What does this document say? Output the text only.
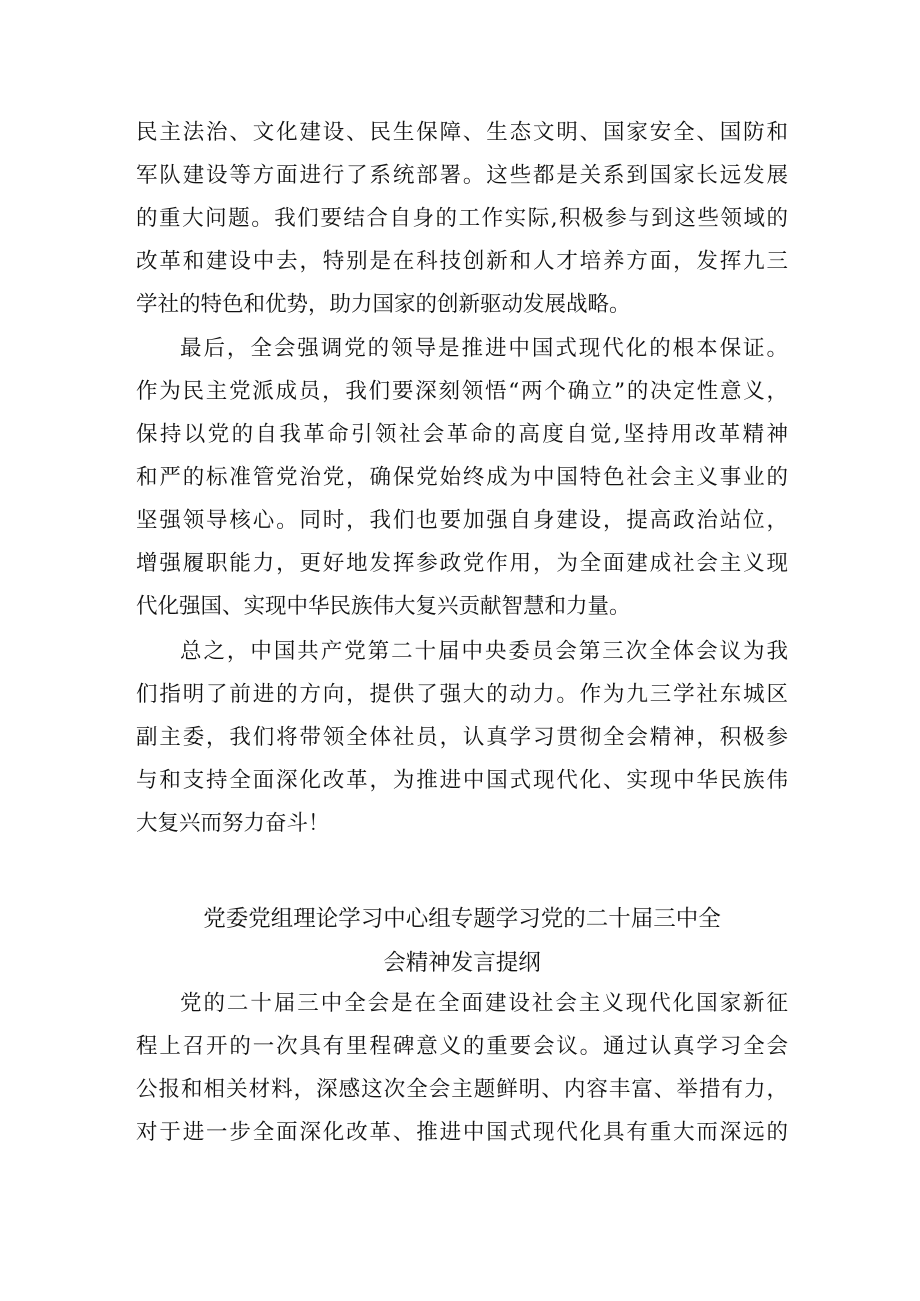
民主法治、文化建设、民生保障、生态文明、国家安全、国防和
军队建设等方面进行了系统部署。这些都是关系到国家长远发展
的重大问题。我们要结合自身的工作实际,积极参与到这些领域的
改革和建设中去，特别是在科技创新和人才培养方面，发挥九三
学社的特色和优势，助力国家的创新驱动发展战略。
最后，全会强调党的领导是推进中国式现代化的根本保证。
作为民主党派成员，我们要深刻领悟“两个确立”的决定性意义，
保持以党的自我革命引领社会革命的高度自觉,坚持用改革精神
和严的标准管党治党，确保党始终成为中国特色社会主义事业的
坚强领导核心。同时，我们也要加强自身建设，提高政治站位，
增强履职能力，更好地发挥参政党作用，为全面建成社会主义现
代化强国、实现中华民族伟大复兴贡献智慧和力量。
总之，中国共产党第二十届中央委员会第三次全体会议为我
们指明了前进的方向，提供了强大的动力。作为九三学社东城区
副主委，我们将带领全体社员，认真学习贯彻全会精神，积极参
与和支持全面深化改革，为推进中国式现代化、实现中华民族伟
大复兴而努力奋斗！
党委党组理论学习中心组专题学习党的二十届三中全
会精神发言提纲
党的二十届三中全会是在全面建设社会主义现代化国家新征
程上召开的一次具有里程碑意义的重要会议。通过认真学习全会
公报和相关材料，深感这次全会主题鲜明、内容丰富、举措有力，
对于进一步全面深化改革、推进中国式现代化具有重大而深远的
